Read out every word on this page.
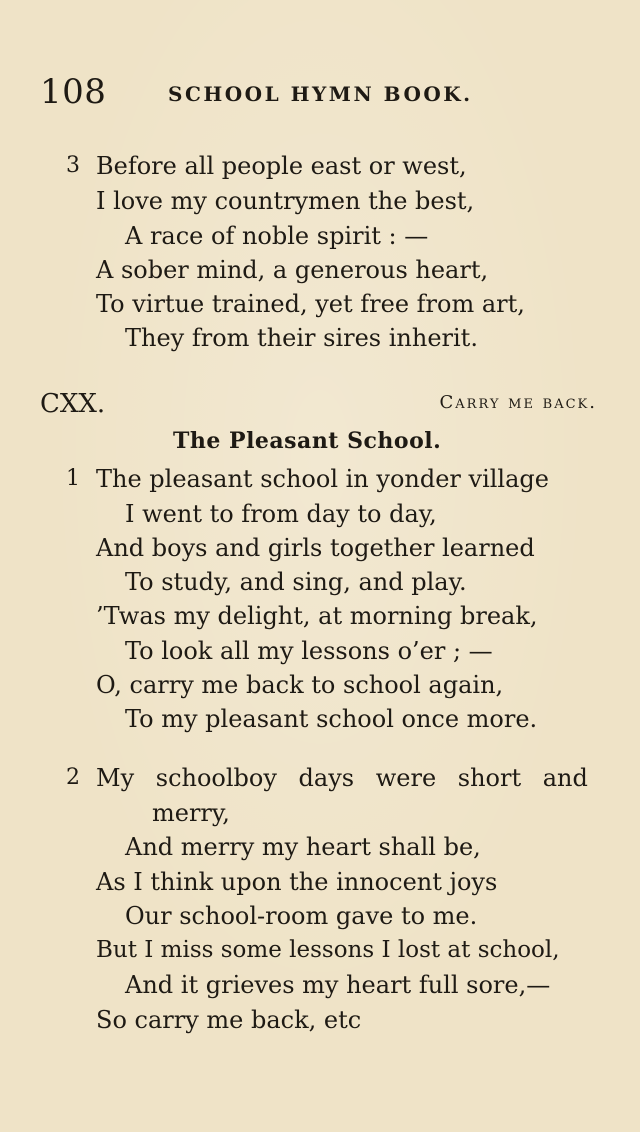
108	SCHOOL HYMN BOOK.
3 Before all people east or west,
I love my countrymen the best,
A race of noble spirit : —
A sober mind, a generous heart,
To virtue trained, yet free from art,
They from their sires inherit.
CXX.	Carry me back.
The Pleasant School.
1 The pleasant school in yonder village
I went to from day to day,
And boys and girls together learned
To study, and sing, and play.
’Twas my delight, at morning break,
To look all my lessons o’er ; —
O, carry me back to school again,
To my pleasant school once more.
2 My schoolboy days were short and
merry,
And merry my heart shall be,
As I think upon the innocent joys
Our school-room gave to me.
But I miss some lessons I lost at school,
And it grieves my heart full sore,—
So carry me back, etc
